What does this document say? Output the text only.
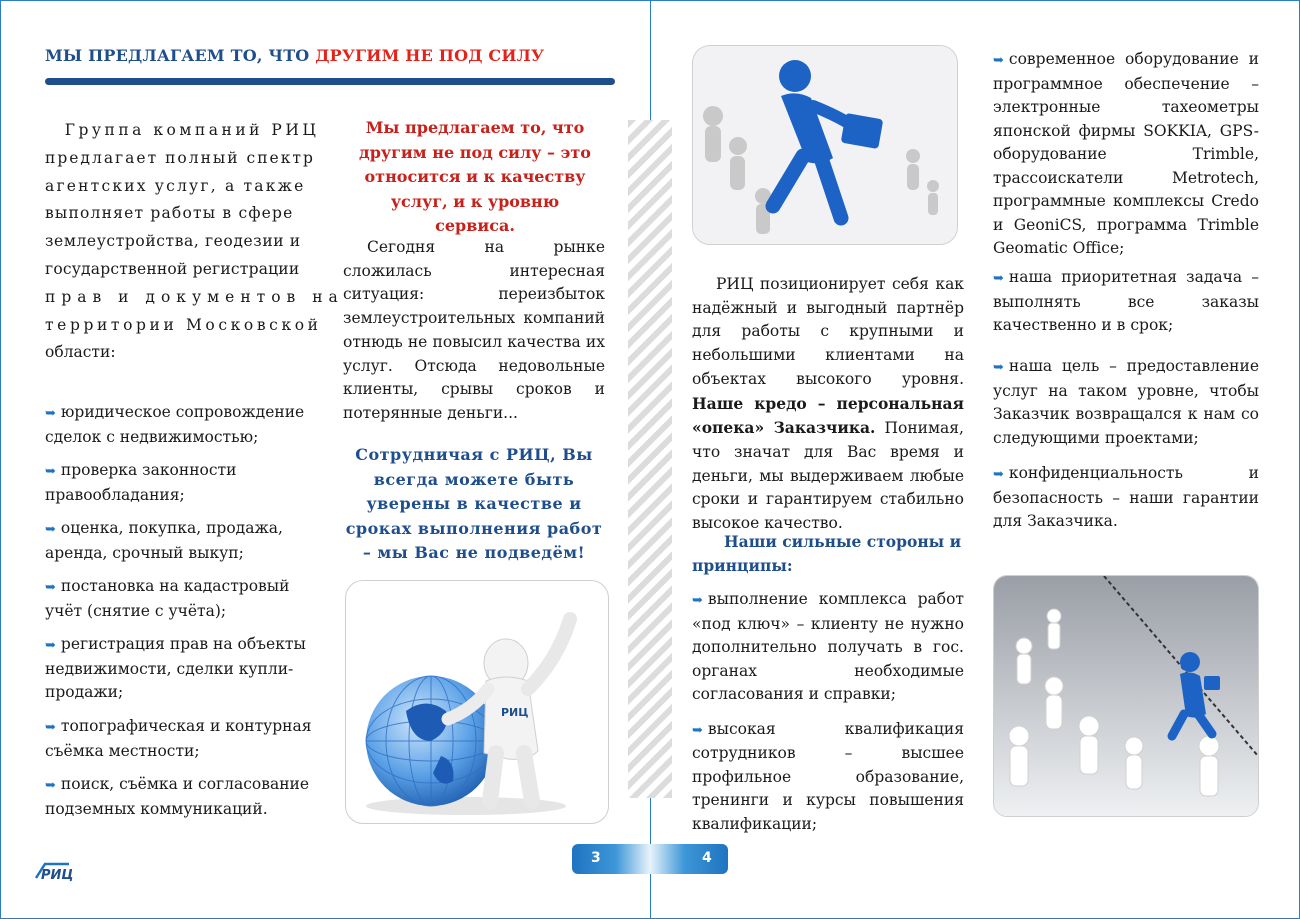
МЫ ПРЕДЛАГАЕМ ТО, ЧТО ДРУГИМ НЕ ПОД СИЛУ

Группа компаний РИЦ
предлагает полный спектр
агентских услуг, а также
выполняет работы в сфере
землеустройства, геодезии и
государственной регистрации
прав и документов на
территории Московской
области:

➥ юридическое сопровождение сделок с недвижимостью;
➥ проверка законности правообладания;
➥ оценка, покупка, продажа, аренда, срочный выкуп;
➥ постановка на кадастровый учёт (снятие с учёта);
➥ регистрация прав на объекты недвижимости, сделки купли-продажи;
➥ топографическая и контурная съёмка местности;
➥ поиск, съёмка и согласование подземных коммуникаций.
Мы предлагаем то, что другим не под силу – это относится и к качеству услуг, и к уровню сервиса.

Сегодня на рынке сложилась интересная ситуация: переизбыток землеустроительных компаний отнюдь не повысил качества их услуг. Отсюда недовольные клиенты, срывы сроков и потерянные деньги...

Сотрудничая с РИЦ, Вы всегда можете быть уверены в качестве и сроках выполнения работ – мы Вас не подведём!
РИЦ

РИЦ позиционирует себя как надёжный и выгодный партнёр для работы с крупными и небольшими клиентами на объектах высокого уровня. Наше кредо – персональная «опека» Заказчика. Понимая, что значат для Вас время и деньги, мы выдерживаем любые сроки и гарантируем стабильно высокое качество.

Наши сильные стороны и принципы:
➥ выполнение комплекса работ «под ключ» – клиенту не нужно дополнительно получать в гос. органах необходимые согласования и справки;
➥ высокая квалификация сотрудников – высшее профильное образование, тренинги и курсы повышения квалификации;
➥ современное оборудование и программное обеспечение – электронные тахеометры японской фирмы SOKKIA, GPS-оборудование Trimble, трассоискатели Metrotech, программные комплексы Credo и GeoniCS, программа Trimble Geomatic Office;
➥ наша приоритетная задача – выполнять все заказы качественно и в срок;
➥ наша цель – предоставление услуг на таком уровне, чтобы Заказчик возвращался к нам со следующими проектами;
➥ конфиденциальность и безопасность – наши гарантии для Заказчика.
3	4
РИЦ
